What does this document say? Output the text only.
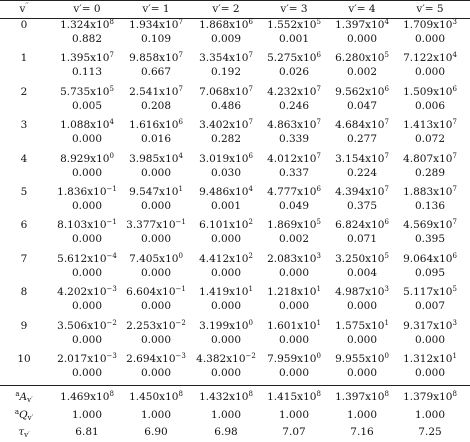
v′′	v′= 0	v′= 1	v′= 2	v′= 3	v′= 4	v′= 5
0	$1.324x10^8$ $1.934x10^7$ $1.868x10^6$ $1.552x10^5$ $1.397x10^4$ $1.709x10^3$
0.882	0.109	0.009	0.001	0.000	0.000
1	$1.395x10^7$ $9.858x10^7$ $3.354x10^7$ $5.275x10^6$ $6.280x10^5$ $7.122x10^4$
0.113	0.667	0.192	0.026	0.002	0.000
2	$5.735x10^5$ $2.541x10^7$ $7.068x10^7$ $4.232x10^7$ $9.562x10^6$ $1.509x10^6$
0.005	0.208	0.486	0.246	0.047	0.006
3	$1.088x10^4$ $1.616x10^6$ $3.402x10^7$ $4.863x10^7$ $4.684x10^7$ $1.413x10^7$
0.000	0.016	0.282	0.339	0.277	0.072
4	$8.929x10^0$ $3.985x10^4$ $3.019x10^6$ $4.012x10^7$ $3.154x10^7$ $4.807x10^7$
0.000	0.000	0.030	0.337	0.224	0.289
5	$1.836x10^{-1}$ $9.547x10^1$ $9.486x10^4$ $4.777x10^6$ $4.394x10^7$ $1.883x10^7$
0.000	0.000	0.001	0.049	0.375	0.136
6	$8.103x10^{-1}$ $3.377x10^{-1}$ $6.101x10^2$ $1.869x10^5$ $6.824x10^6$ $4.569x10^7$
0.000	0.000	0.000	0.002	0.071	0.395
7	$5.612x10^{-4}$ $7.405x10^0$ $4.412x10^2$ $2.083x10^3$ $3.250x10^5$ $9.064x10^6$
0.000	0.000	0.000	0.000	0.004	0.095
8	$4.202x10^{-3}$ $6.604x10^{-1}$ $1.419x10^1$ $1.218x10^1$ $4.987x10^3$ $5.117x10^5$
0.000	0.000	0.000	0.000	0.000	0.007
9	$3.506x10^{-2}$ $2.253x10^{-2}$ $3.199x10^0$ $1.601x10^1$ $1.575x10^1$ $9.317x10^3$
0.000	0.000	0.000	0.000	0.000	0.000
10	$2.017x10^{-3}$ $2.694x10^{-3}$ $4.382x10^{-2}$ $7.959x10^0$ $9.955x10^0$ $1.312x10^1$
0.000	0.000	0.000	0.000	0.000	0.000
$^aA_{v'}$	$1.469x10^8$ $1.450x10^8$ $1.432x10^8$ $1.415x10^8$ $1.397x10^8$ $1.379x10^8$
$^aQ_{v'}$	1.000	1.000	1.000	1.000	1.000	1.000
$\tau_{v'}$	6.81	6.90	6.98	7.07	7.16	7.25
